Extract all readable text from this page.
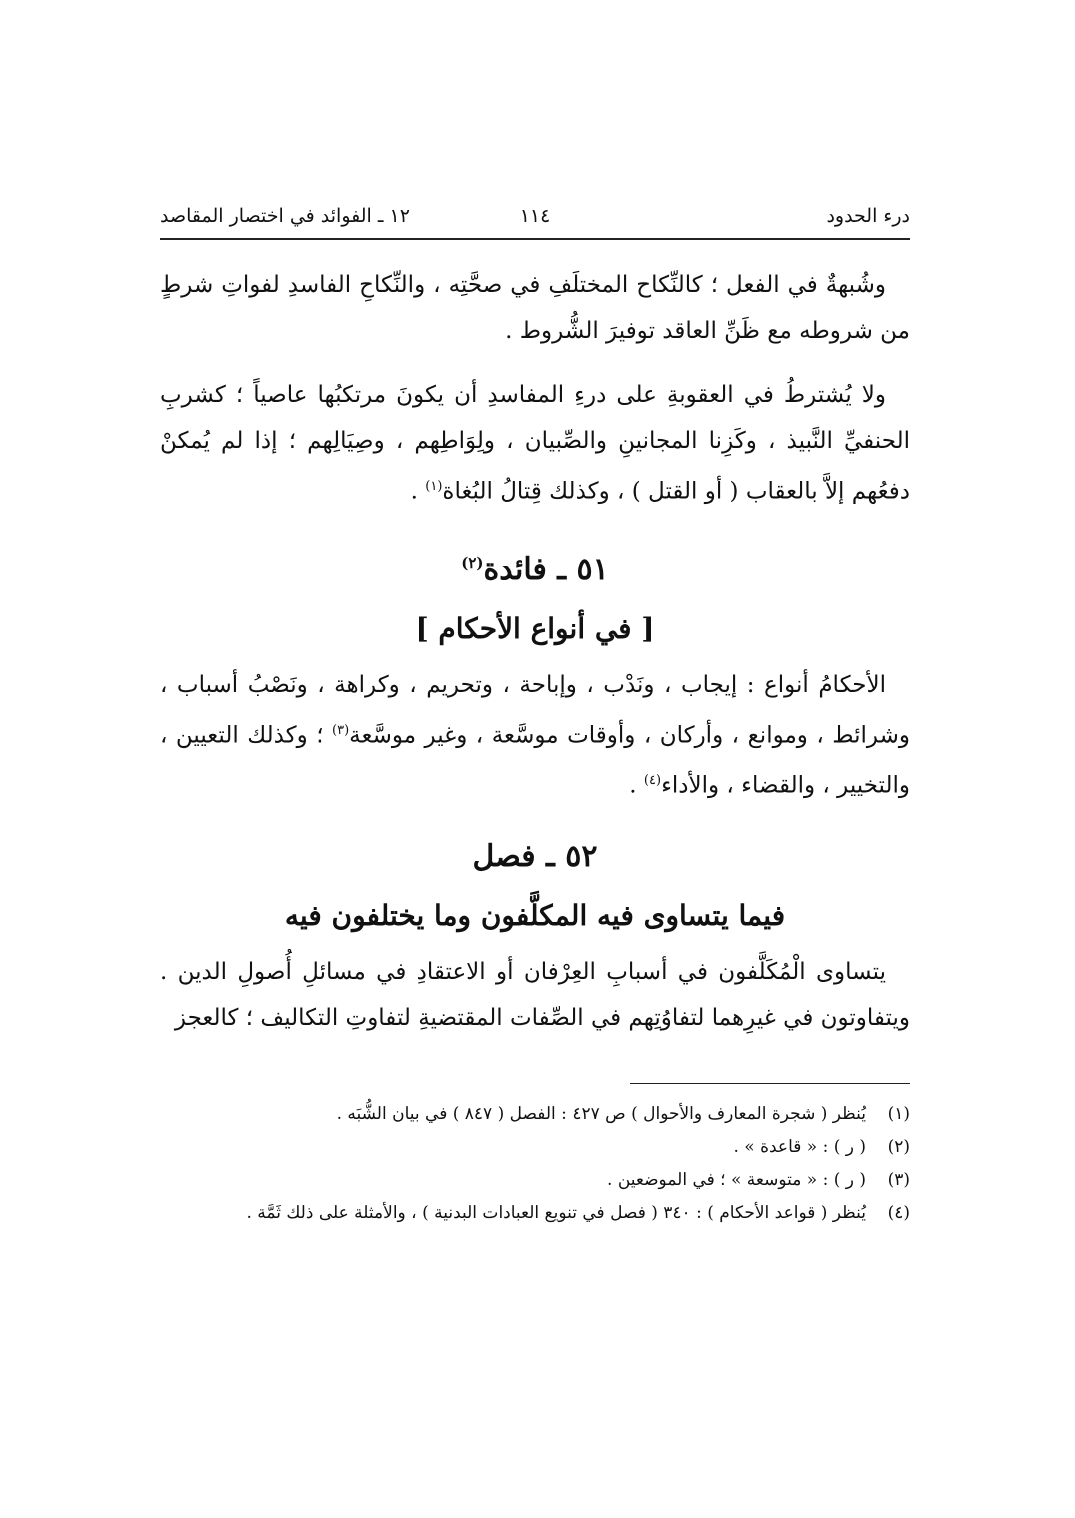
درء الحدود
١١٤
١٢ ـ الفوائد في اختصار المقاصد

وشُبهةٌ في الفعل ؛ كالنِّكاح المختلَفِ في صحَّتِه ، والنِّكاحِ الفاسدِ لفواتِ شرطٍ من شروطه مع ظَنِّ العاقد توفيرَ الشُّروط .

ولا يُشترطُ في العقوبةِ على درءِ المفاسدِ أن يكونَ مرتكبُها عاصياً ؛ كشربِ الحنفيِّ النَّبيذ ، وكَزِنا المجانينِ والصِّبيان ، ولِوَاطِهم ، وصِيَالِهم ؛ إذا لم يُمكنْ دفعُهم إلاَّ بالعقاب ( أو القتل ) ، وكذلك قِتالُ البُغاة$^{(١)}$ .

٥١ ـ فائدة$^{(٢)}$
[ في أنواع الأحكام ]

الأحكامُ أنواع : إيجاب ، ونَدْب ، وإباحة ، وتحريم ، وكراهة ، ونَصْبُ أسباب ، وشرائط ، وموانع ، وأركان ، وأوقات موسَّعة ، وغير موسَّعة$^{(٣)}$ ؛ وكذلك التعيين ، والتخيير ، والقضاء ، والأداء$^{(٤)}$ .

٥٢ ـ فصل
فيما يتساوى فيه المكلَّفون وما يختلفون فيه

يتساوى الْمُكَلَّفون في أسبابِ العِرْفان أو الاعتقادِ في مسائلِ أُصولِ الدين . ويتفاوتون في غيرِهما لتفاوُتِهم في الصِّفات المقتضيةِ لتفاوتِ التكاليف ؛ كالعجز

(١)
يُنظر ( شجرة المعارف والأحوال ) ص ٤٢٧ : الفصل ( ٨٤٧ ) في بيان الشُّبَه .
(٢)
( ر ) : « قاعدة » .
(٣)
( ر ) : « متوسعة » ؛ في الموضعين .
(٤)
يُنظر ( قواعد الأحكام ) : ٣٤٠ ( فصل في تنويع العبادات البدنية ) ، والأمثلة على ذلك ثَمَّة .
